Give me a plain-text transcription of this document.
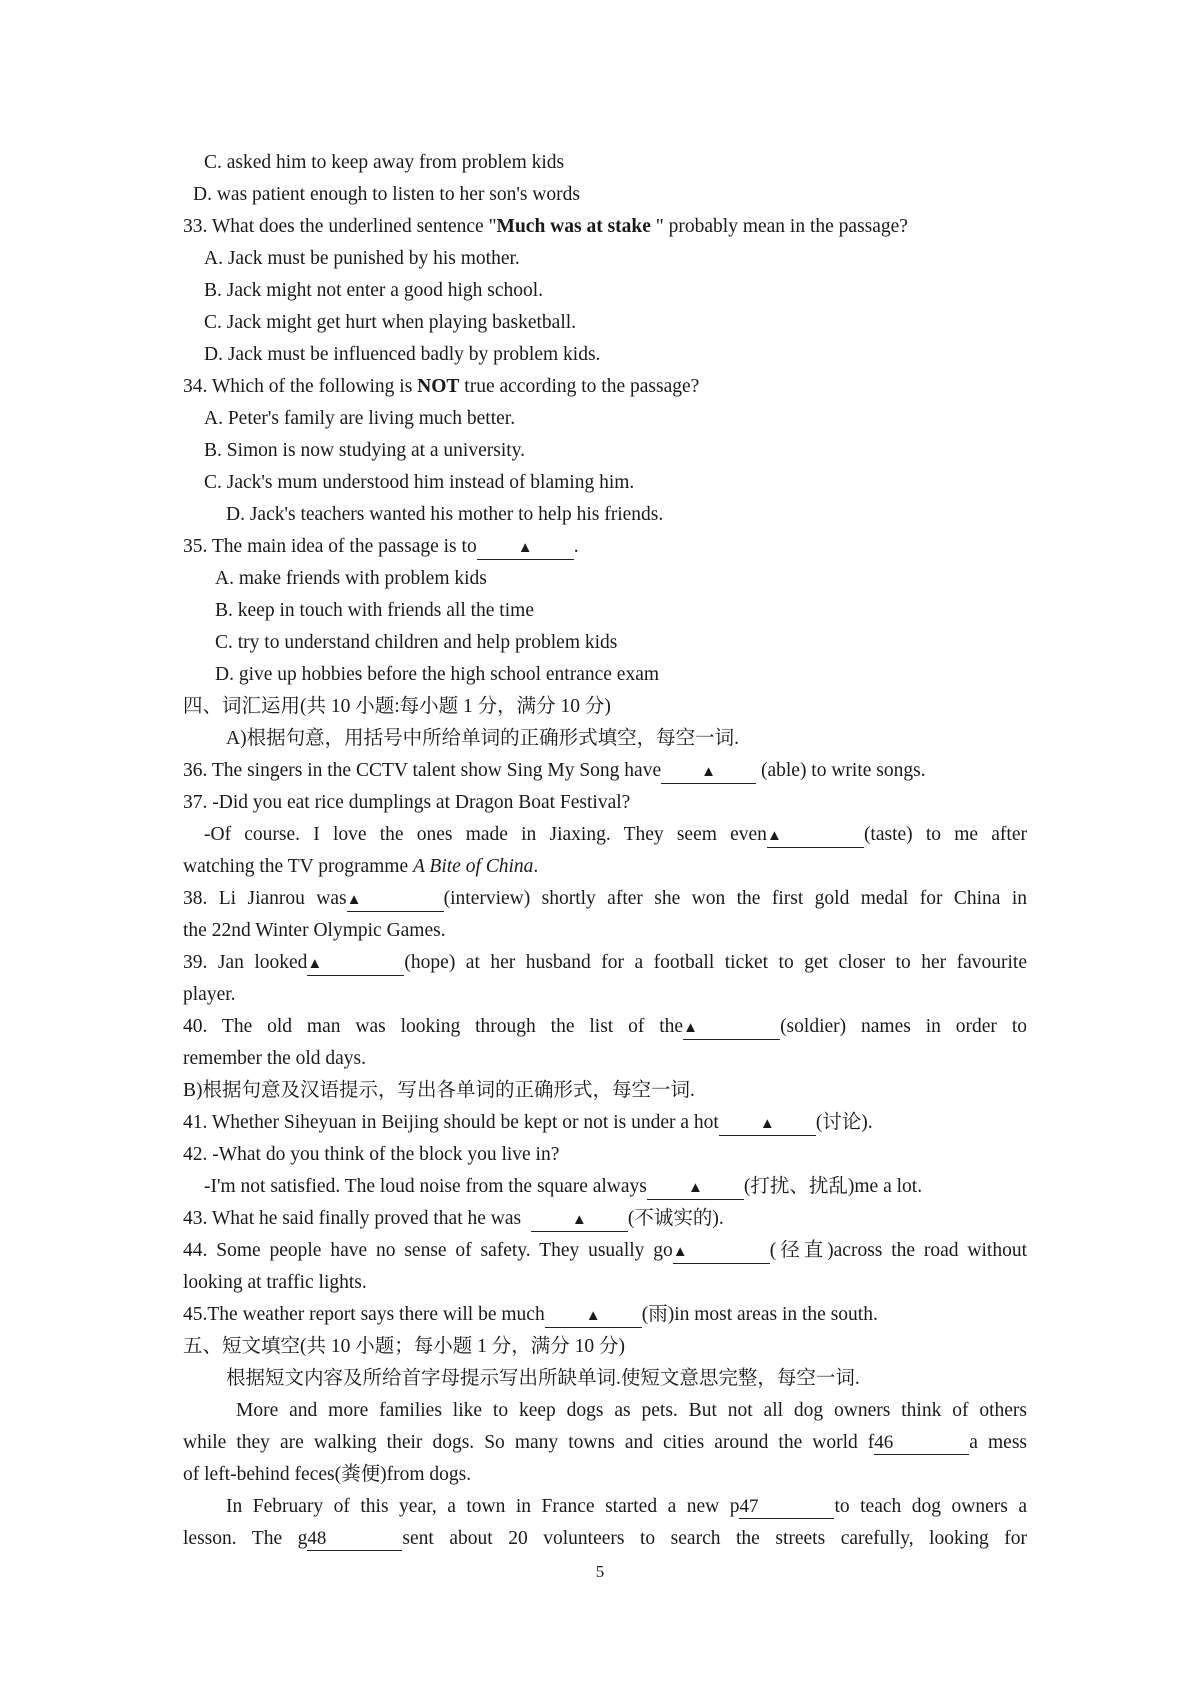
C. asked him to keep away from problem kids
D. was patient enough to listen to her son's words
33. What does the underlined sentence "Much was at stake " probably mean in the passage?
A. Jack must be punished by his mother.
B. Jack might not enter a good high school.
C. Jack might get hurt when playing basketball.
D. Jack must be influenced badly by problem kids.
34. Which of the following is NOT true according to the passage?
A. Peter's family are living much better.
B. Simon is now studying at a university.
C. Jack's mum understood him instead of blaming him.
D. Jack's teachers wanted his mother to help his friends.
35. The main idea of the passage is to	▲ .
A. make friends with problem kids
B. keep in touch with friends all the time
C. try to understand children and help problem kids
D. give up hobbies before the high school entrance exam
四、词汇运用(共 10 小题:每小题 1 分，满分 10 分)
A)根据句意，用括号中所给单词的正确形式填空，每空一词.
36. The singers in the CCTV talent show Sing My Song have	▲ (able) to write songs.
37. -Did you eat rice dumplings at Dragon Boat Festival?
-Of course. I love the ones made in Jiaxing. They seem even▲	(taste) to me after
watching the TV programme A Bite of China.
38. Li Jianrou was▲	(interview) shortly after she won the first gold medal for China in
the 22nd Winter Olympic Games.
39. Jan looked▲	(hope) at her husband for a football ticket to get closer to her favourite
player.
40. The old man was looking through the list of the▲	(soldier) names in order to
remember the old days.
B)根据句意及汉语提示，写出各单词的正确形式，每空一词.
41. Whether Siheyuan in Beijing should be kept or not is under a hot	▲ (讨论).
42. -What do you think of the block you live in?
-I'm not satisfied. The loud noise from the square always	▲ (打扰、扰乱)me a lot.
43. What he said finally proved that he was	▲ (不诚实的).
44. Some people have no sense of safety. They usually go▲	(径直)across the road without
looking at traffic lights.
45.The weather report says there will be much	▲ (雨)in most areas in the south.
五、短文填空(共 10 小题；每小题 1 分，满分 10 分)
根据短文内容及所给首字母提示写出所缺单词.使短文意思完整，每空一词.
More and more families like to keep dogs as pets. But not all dog owners think of others
while they are walking their dogs. So many towns and cities around the world f46	a mess
of left-behind feces(粪便)from dogs.
In February of this year, a town in France started a new p47	to teach dog owners a
lesson. The g48	sent about 20 volunteers to search the streets carefully, looking for
5
